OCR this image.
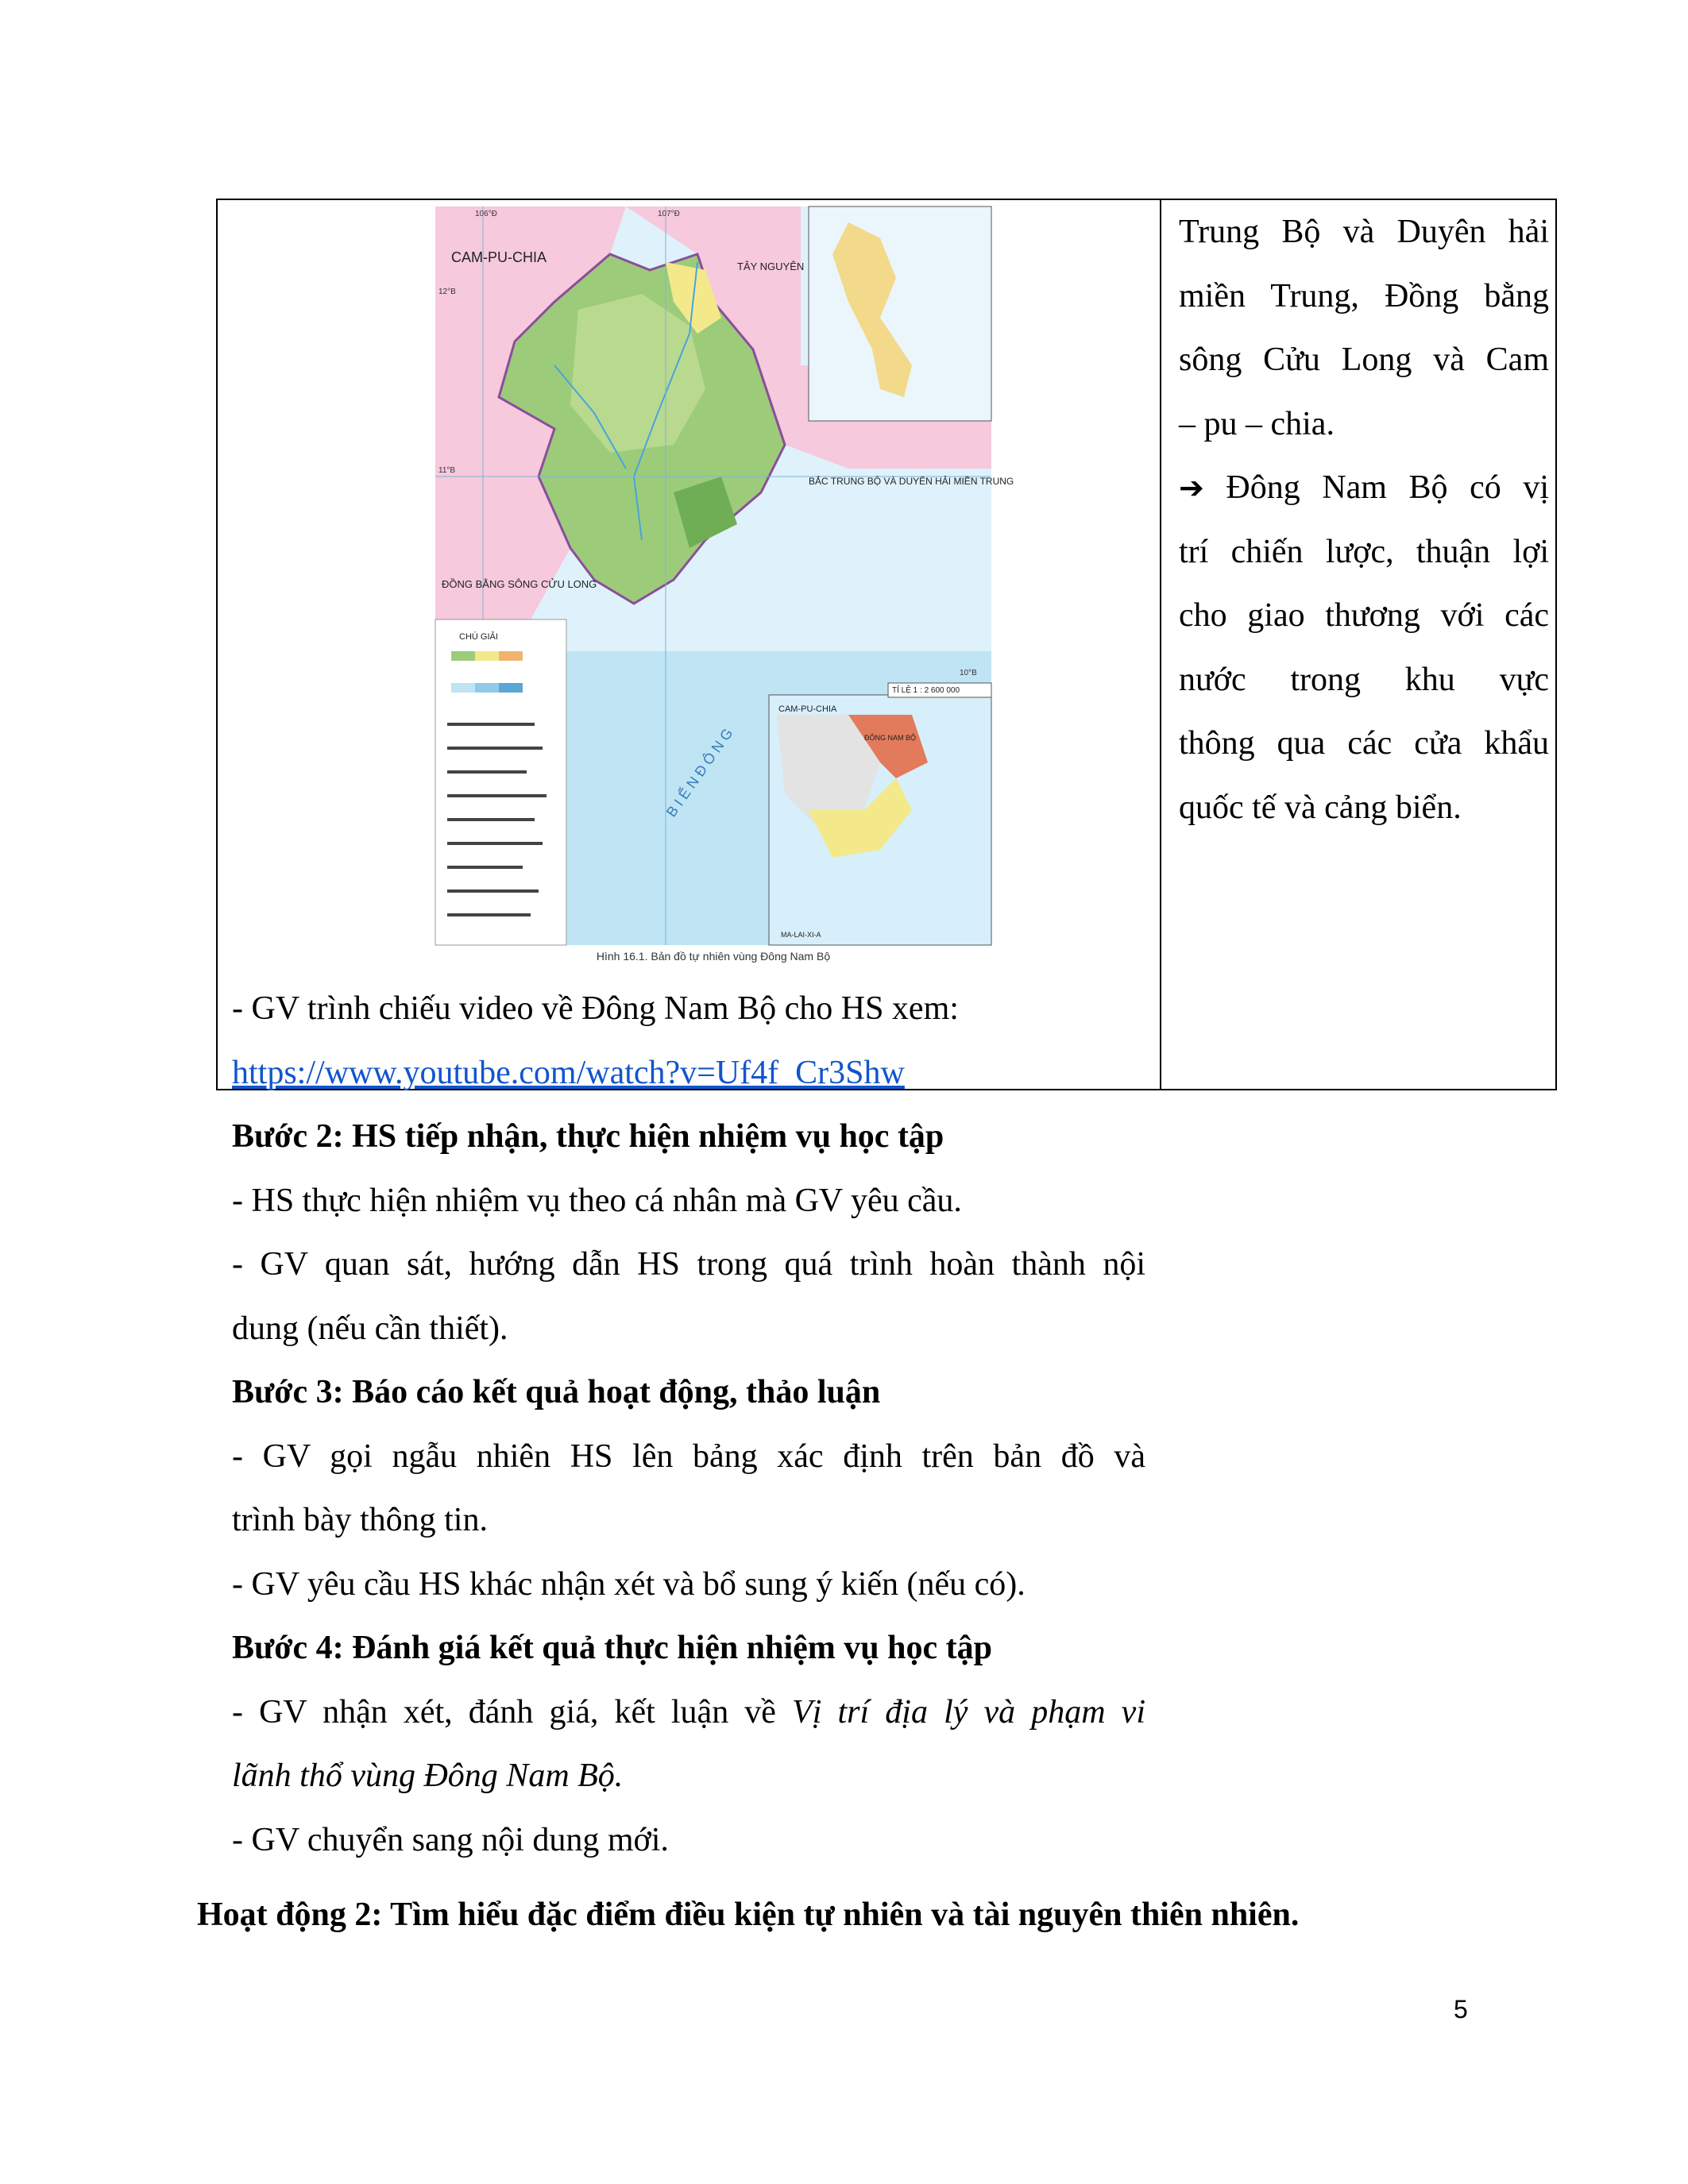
CAM-PU-CHIA
TÂY NGUYÊN
BẮC TRUNG BỘ VÀ DUYÊN HẢI MIỀN TRUNG
ĐỒNG BẰNG SÔNG CỬU LONG
B I Ể N Đ Ô N G
CHÚ GIẢI
TỈ LỆ 1 : 2 600 000
106°Đ	107°Đ
12°B
11°B
10°B
CAM-PU-CHIA
ĐÔNG NAM BỘ
MA-LAI-XI-A
Hình 16.1. Bản đồ tự nhiên vùng Đông Nam Bộ
- GV trình chiếu video về Đông Nam Bộ cho HS xem:
https://www.youtube.com/watch?v=Uf4f_Cr3Shw
Bước 2: HS tiếp nhận, thực hiện nhiệm vụ học tập
- HS thực hiện nhiệm vụ theo cá nhân mà GV yêu cầu.
- GV quan sát, hướng dẫn HS trong quá trình hoàn thành nội
dung (nếu cần thiết).
Bước 3: Báo cáo kết quả hoạt động, thảo luận
- GV gọi ngẫu nhiên HS lên bảng xác định trên bản đồ và
trình bày thông tin.
- GV yêu cầu HS khác nhận xét và bổ sung ý kiến (nếu có).
Bước 4: Đánh giá kết quả thực hiện nhiệm vụ học tập
- GV nhận xét, đánh giá, kết luận về Vị trí địa lý và phạm vi
lãnh thổ vùng Đông Nam Bộ.
- GV chuyển sang nội dung mới.
Trung Bộ và Duyên hải
miền Trung, Đồng bằng
sông Cửu Long và Cam
– pu – chia.
➔ Đông Nam Bộ có vị
trí chiến lược, thuận lợi
cho giao thương với các
nước trong khu vực
thông qua các cửa khẩu
quốc tế và cảng biển.
Hoạt động 2: Tìm hiểu đặc điểm điều kiện tự nhiên và tài nguyên thiên nhiên.
5
